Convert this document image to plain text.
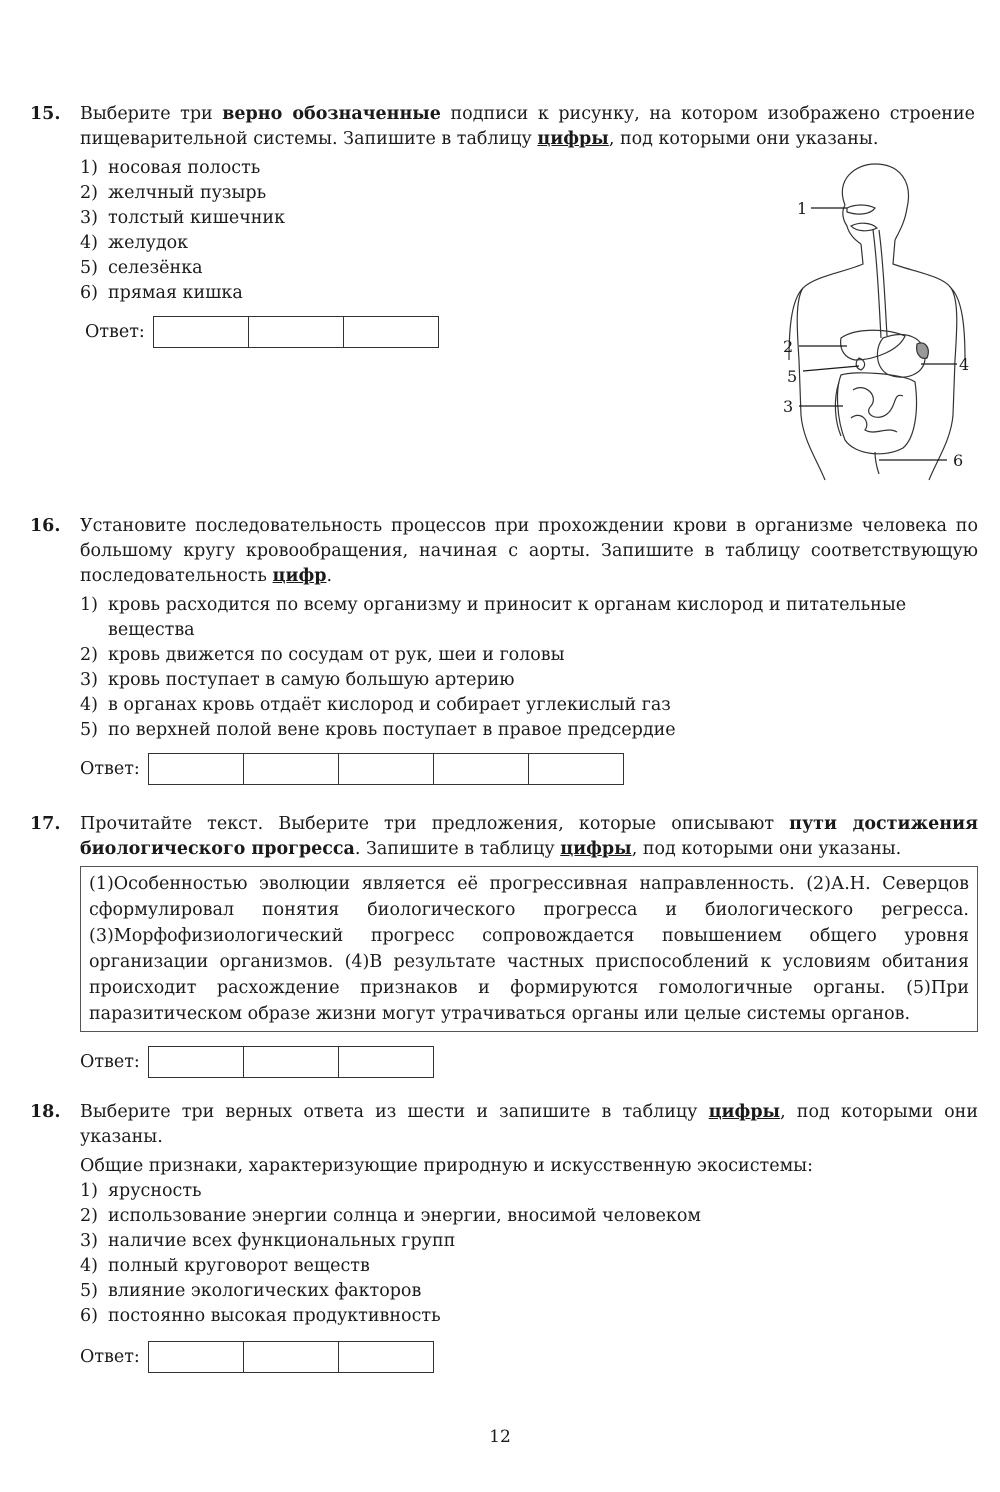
15.	Выберите три верно обозначенные подписи к рисунку, на котором изображено строение пищеварительной системы. Запишите в таблицу цифры, под которыми они указаны.
1) носовая полость
2) желчный пузырь
3) толстый кишечник
4) желудок
5) селезёнка
6) прямая кишка
Ответ:
1
2
3
4
5
6
16.	Установите последовательность процессов при прохождении крови в организме человека по большому кругу кровообращения, начиная с аорты. Запишите в таблицу соответствующую последовательность цифр.
1) кровь расходится по всему организму и приносит к органам кислород и питательные вещества
2) кровь движется по сосудам от рук, шеи и головы
3) кровь поступает в самую большую артерию
4) в органах кровь отдаёт кислород и собирает углекислый газ
5) по верхней полой вене кровь поступает в правое предсердие
Ответ:
17.	Прочитайте текст. Выберите три предложения, которые описывают пути достижения биологического прогресса. Запишите в таблицу цифры, под которыми они указаны.
(1)Особенностью эволюции является её прогрессивная направленность. (2)А.Н. Северцов сформулировал понятия биологического прогресса и биологического регресса. (3)Морфофизиологический прогресс сопровождается повышением общего уровня организации организмов. (4)В результате частных приспособлений к условиям обитания происходит расхождение признаков и формируются гомологичные органы. (5)При паразитическом образе жизни могут утрачиваться органы или целые системы органов.
Ответ:
18.	Выберите три верных ответа из шести и запишите в таблицу цифры, под которыми они указаны.
Общие признаки, характеризующие природную и искусственную экосистемы:
1) ярусность
2) использование энергии солнца и энергии, вносимой человеком
3) наличие всех функциональных групп
4) полный круговорот веществ
5) влияние экологических факторов
6) постоянно высокая продуктивность
Ответ:
12
